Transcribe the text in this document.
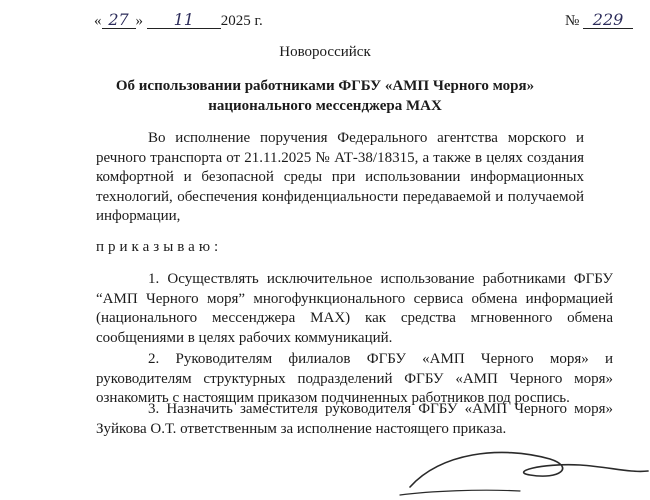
« 27 » 11 2025 г.	№ 229
Новороссийск
Об использовании работниками ФГБУ «АМП Черного моря»
национального мессенджера МАХ
Во исполнение поручения Федерального агентства морского и речного транспорта от 21.11.2025 № АТ-38/18315, а также в целях создания комфортной и безопасной среды при использовании информационных технологий, обеспечения конфиденциальности передаваемой и получаемой информации,
приказываю:
1. Осуществлять исключительное использование работниками ФГБУ “АМП Черного моря” многофункционального сервиса обмена информацией (национального мессенджера МАХ) как средства мгновенного обмена сообщениями в целях рабочих коммуникаций.
2. Руководителям филиалов ФГБУ «АМП Черного моря» и руководителям структурных подразделений ФГБУ «АМП Черного моря» ознакомить с настоящим приказом подчиненных работников под роспись.
3. Назначить заместителя руководителя ФГБУ «АМП Черного моря» Зуйкова О.Т. ответственным за исполнение настоящего приказа.
